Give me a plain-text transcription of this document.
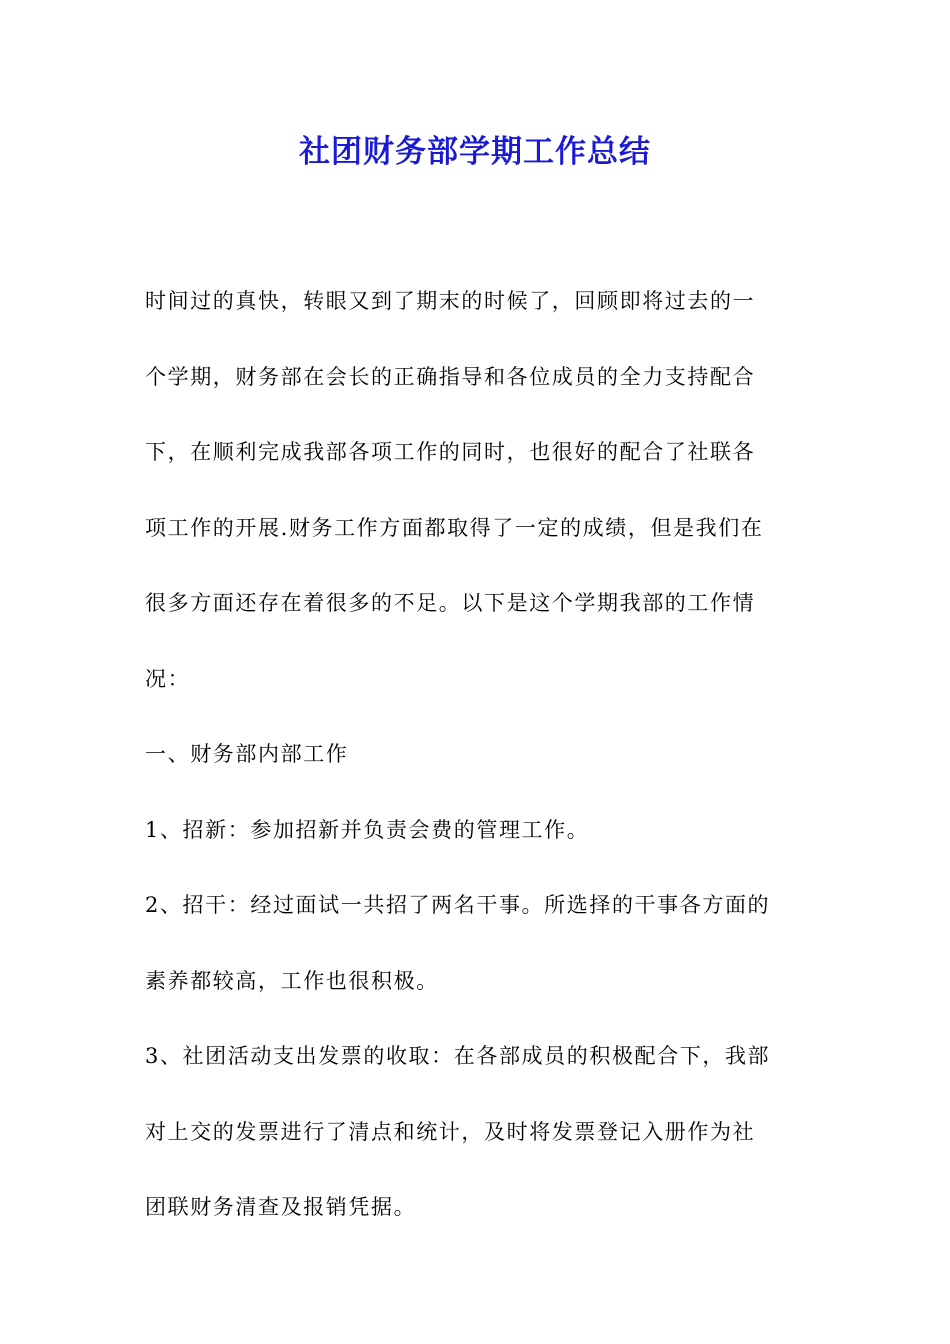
社团财务部学期工作总结
时间过的真快，转眼又到了期末的时候了，回顾即将过去的一
个学期，财务部在会长的正确指导和各位成员的全力支持配合
下，在顺利完成我部各项工作的同时，也很好的配合了社联各
项工作的开展.财务工作方面都取得了一定的成绩，但是我们在
很多方面还存在着很多的不足。以下是这个学期我部的工作情
况：
一、财务部内部工作
1、招新：参加招新并负责会费的管理工作。
2、招干：经过面试一共招了两名干事。所选择的干事各方面的
素养都较高，工作也很积极。
3、社团活动支出发票的收取：在各部成员的积极配合下，我部
对上交的发票进行了清点和统计，及时将发票登记入册作为社
团联财务清查及报销凭据。
